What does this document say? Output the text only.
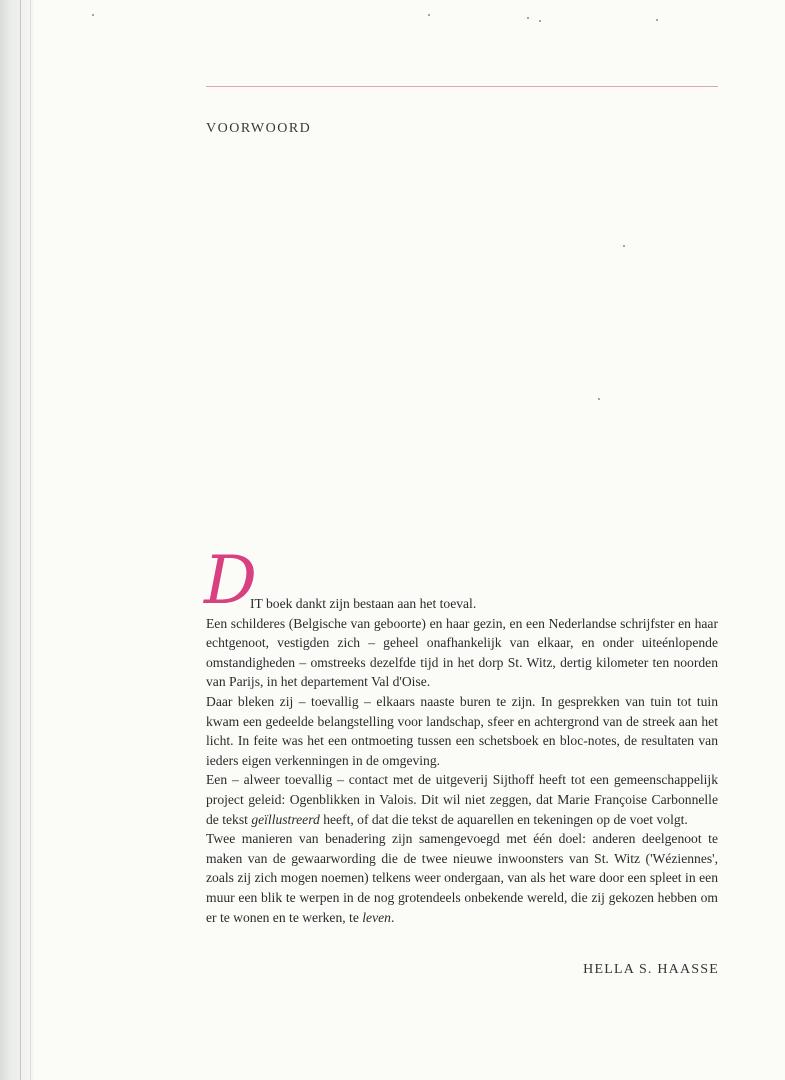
VOORWOORD
D

IT boek dankt zijn bestaan aan het toeval.

Een schilderes (Belgische van geboorte) en haar gezin, en een Nederlandse schrijfster en haar echtgenoot, vestigden zich – geheel onafhankelijk van elkaar, en onder uiteénlopende omstandigheden – omstreeks dezelfde tijd in het dorp St. Witz, dertig kilometer ten noorden van Parijs, in het departement Val d'Oise.

Daar bleken zij – toevallig – elkaars naaste buren te zijn. In gesprekken van tuin tot tuin kwam een gedeelde belangstelling voor landschap, sfeer en achtergrond van de streek aan het licht. In feite was het een ontmoeting tussen een schetsboek en bloc-notes, de resultaten van ieders eigen verkenningen in de omgeving.

Een – alweer toevallig – contact met de uitgeverij Sijthoff heeft tot een gemeenschappelijk project geleid: Ogenblikken in Valois. Dit wil niet zeggen, dat Marie Françoise Carbonnelle de tekst geïllustreerd heeft, of dat die tekst de aquarellen en tekeningen op de voet volgt.

Twee manieren van benadering zijn samengevoegd met één doel: anderen deelgenoot te maken van de gewaarwording die de twee nieuwe inwoonsters van St. Witz ('Wéziennes', zoals zij zich mogen noemen) telkens weer ondergaan, van als het ware door een spleet in een muur een blik te werpen in de nog grotendeels onbekende wereld, die zij gekozen hebben om er te wonen en te werken, te leven.

HELLA S. HAASSE
